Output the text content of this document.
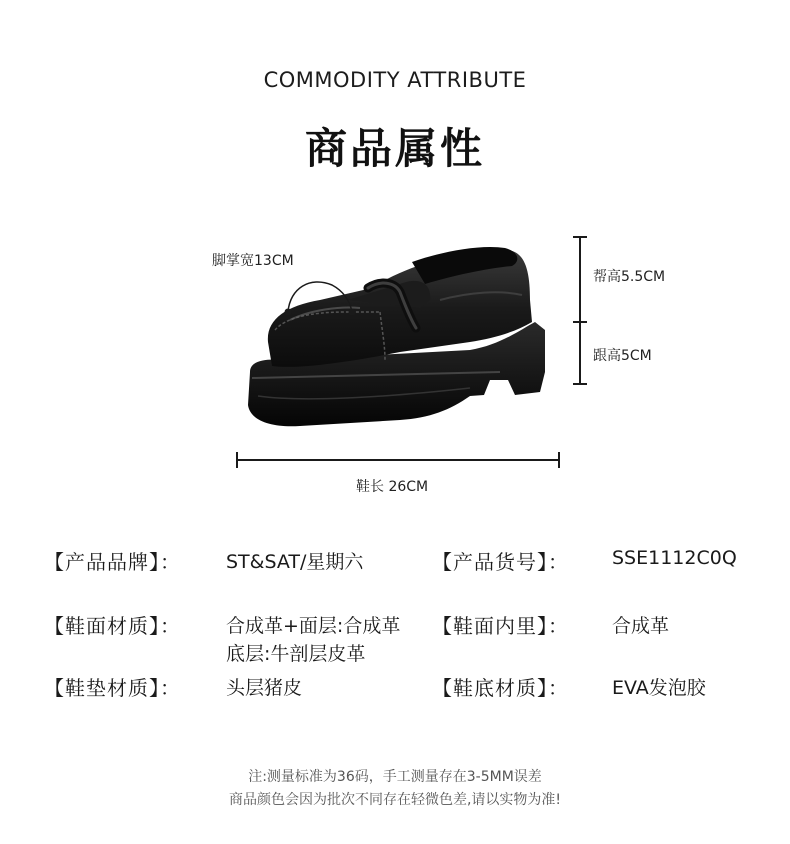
COMMODITY ATTRIBUTE
商品属性
脚掌宽13CM
帮高5.5CM
跟高5CM
鞋长 26CM
【产品品牌】： ST&SAT/星期六	【产品货号】： SSE1112C0Q
【鞋面材质】： 合成革+面层:合成革
底层:牛剖层皮革
【鞋面内里】： 合成革
【鞋垫材质】： 头层猪皮	【鞋底材质】： EVA发泡胶
注:测量标准为36码，手工测量存在3-5MM误差
商品颜色会因为批次不同存在轻微色差,请以实物为准!
